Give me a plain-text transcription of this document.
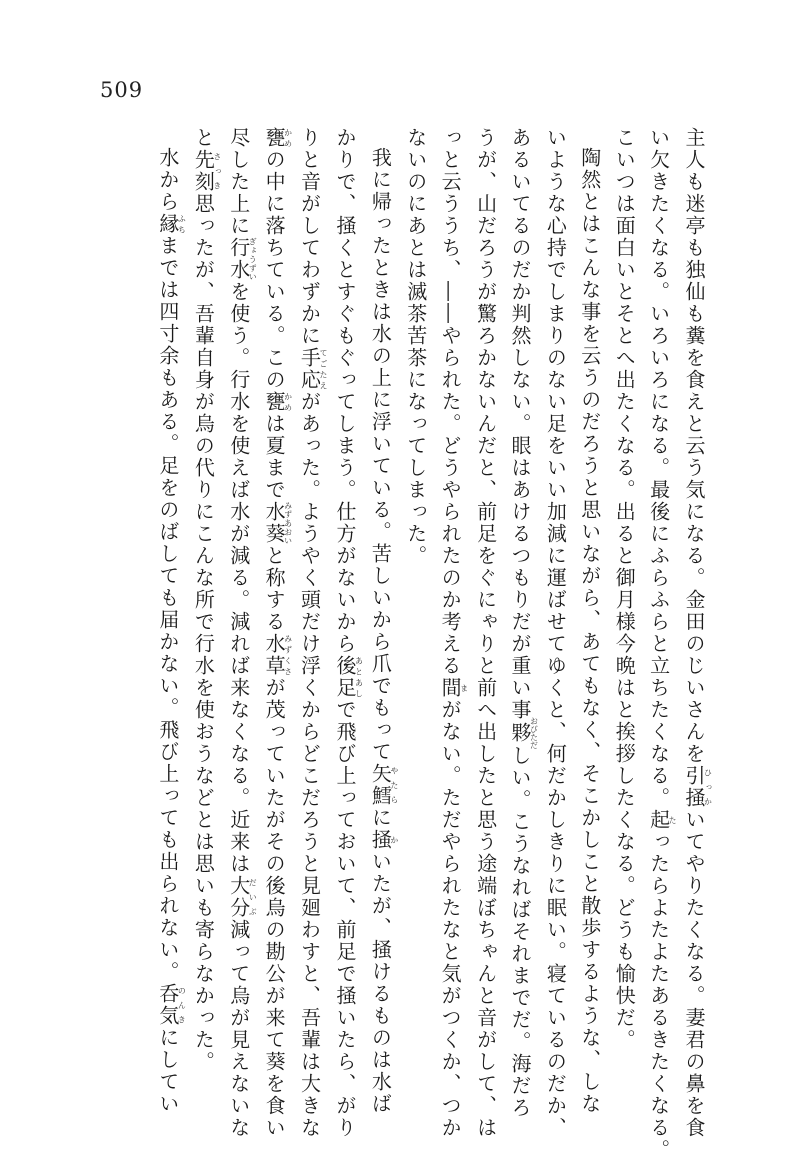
509
主人も迷亭も独仙も糞を食えと云う気になる。金田のじいさんを引掻ひっかいてやりたくなる。妻君の鼻を食
い欠きたくなる。いろいろになる。最後にふらふらと立ちたくなる。起たったらよたよたあるきたくなる。
こいつは面白いとそとへ出たくなる。出ると御月様今晩はと挨拶したくなる。どうも愉快だ。
陶然とはこんな事を云うのだろうと思いながら、あてもなく、そこかしこと散歩するような、しな
いような心持でしまりのない足をいい加減に運ばせてゆくと、何だかしきりに眠い。寝ているのだか、
あるいてるのだか判然しない。眼はあけるつもりだが重い事夥おびただしい。こうなればそれまでだ。海だろ
うが、山だろうが驚ろかないんだと、前足をぐにゃりと前へ出したと思う途端ぼちゃんと音がして、は
っと云ううち、――やられた。どうやられたのか考える間まがない。ただやられたなと気がつくか、つか
ないのにあとは滅茶苦茶になってしまった。
我に帰ったときは水の上に浮いている。苦しいから爪でもって矢鱈やたらに掻かいたが、掻けるものは水ば
かりで、掻くとすぐもぐってしまう。仕方がないから後足あとあしで飛び上っておいて、前足で掻いたら、がり
りと音がしてわずかに手応てごたえがあった。ようやく頭だけ浮くからどこだろうと見廻わすと、吾輩は大きな
甕かめの中に落ちている。この甕かめは夏まで水葵みずあおいと称する水草みずくさが茂っていたがその後烏の勘公が来て葵を食い
尽した上に行水ぎょうずいを使う。行水を使えば水が減る。減れば来なくなる。近来は大分だいぶ減って烏が見えないな
と先刻さっき思ったが、吾輩自身が烏の代りにこんな所で行水を使おうなどとは思いも寄らなかった。
水から縁ふちまでは四寸余もある。足をのばしても届かない。飛び上っても出られない。呑気のんきにしてい
